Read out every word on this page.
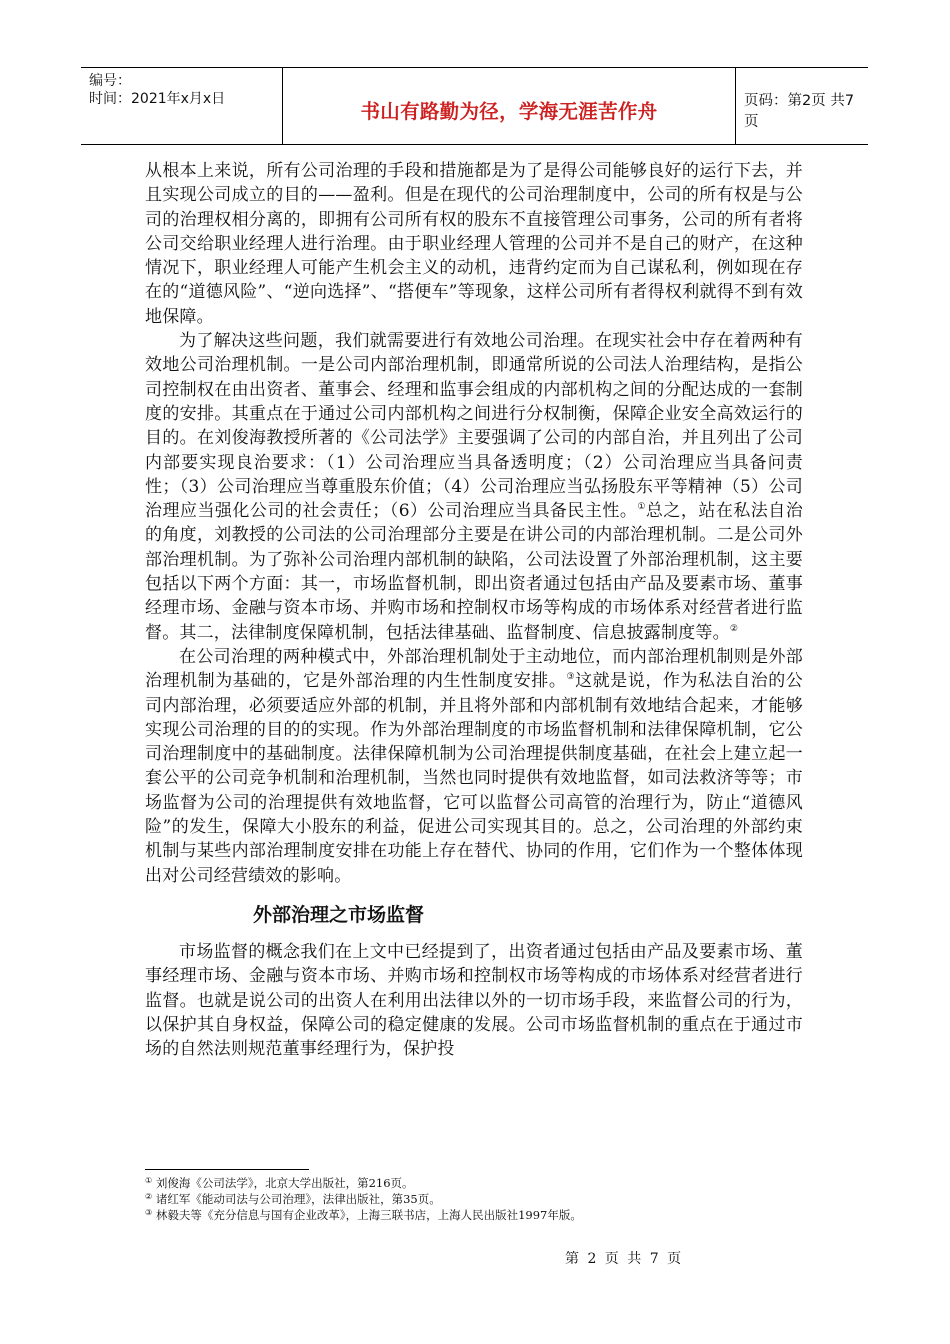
编号：
时间：2021年x月x日
书山有路勤为径，学海无涯苦作舟	页码：第2页 共7页

从根本上来说，所有公司治理的手段和措施都是为了是得公司能够良好的运行下去，并且实现公司成立的目的——盈利。但是在现代的公司治理制度中，公司的所有权是与公司的治理权相分离的，即拥有公司所有权的股东不直接管理公司事务，公司的所有者将公司交给职业经理人进行治理。由于职业经理人管理的公司并不是自己的财产，在这种情况下，职业经理人可能产生机会主义的动机，违背约定而为自己谋私利，例如现在存在的“道德风险”、“逆向选择”、“搭便车”等现象，这样公司所有者得权利就得不到有效地保障。

为了解决这些问题，我们就需要进行有效地公司治理。在现实社会中存在着两种有效地公司治理机制。一是公司内部治理机制，即通常所说的公司法人治理结构，是指公司控制权在由出资者、董事会、经理和监事会组成的内部机构之间的分配达成的一套制度的安排。其重点在于通过公司内部机构之间进行分权制衡，保障企业安全高效运行的目的。在刘俊海教授所著的《公司法学》主要强调了公司的内部自治，并且列出了公司内部要实现良治要求：（1）公司治理应当具备透明度；（2）公司治理应当具备问责性；（3）公司治理应当尊重股东价值；（4）公司治理应当弘扬股东平等精神（5）公司治理应当强化公司的社会责任；（6）公司治理应当具备民主性。①总之，站在私法自治的角度，刘教授的公司法的公司治理部分主要是在讲公司的内部治理机制。二是公司外部治理机制。为了弥补公司治理内部机制的缺陷，公司法设置了外部治理机制，这主要包括以下两个方面：其一，市场监督机制，即出资者通过包括由产品及要素市场、董事经理市场、金融与资本市场、并购市场和控制权市场等构成的市场体系对经营者进行监督。其二，法律制度保障机制，包括法律基础、监督制度、信息披露制度等。②

在公司治理的两种模式中，外部治理机制处于主动地位，而内部治理机制则是外部治理机制为基础的，它是外部治理的内生性制度安排。③这就是说，作为私法自治的公司内部治理，必须要适应外部的机制，并且将外部和内部机制有效地结合起来，才能够实现公司治理的目的的实现。作为外部治理制度的市场监督机制和法律保障机制，它公司治理制度中的基础制度。法律保障机制为公司治理提供制度基础，在社会上建立起一套公平的公司竞争机制和治理机制，当然也同时提供有效地监督，如司法救济等等；市场监督为公司的治理提供有效地监督，它可以监督公司高管的治理行为，防止“道德风险”的发生，保障大小股东的利益，促进公司实现其目的。总之，公司治理的外部约束机制与某些内部治理制度安排在功能上存在替代、协同的作用，它们作为一个整体体现出对公司经营绩效的影响。

外部治理之市场监督

市场监督的概念我们在上文中已经提到了，出资者通过包括由产品及要素市场、董事经理市场、金融与资本市场、并购市场和控制权市场等构成的市场体系对经营者进行监督。也就是说公司的出资人在利用出法律以外的一切市场手段，来监督公司的行为，以保护其自身权益，保障公司的稳定健康的发展。公司市场监督机制的重点在于通过市场的自然法则规范董事经理行为，保护投

① 刘俊海《公司法学》，北京大学出版社，第216页。
② 诸红军《能动司法与公司治理》，法律出版社，第35页。
③ 林毅夫等《充分信息与国有企业改革》，上海三联书店，上海人民出版社1997年版。
第 2 页 共 7 页
